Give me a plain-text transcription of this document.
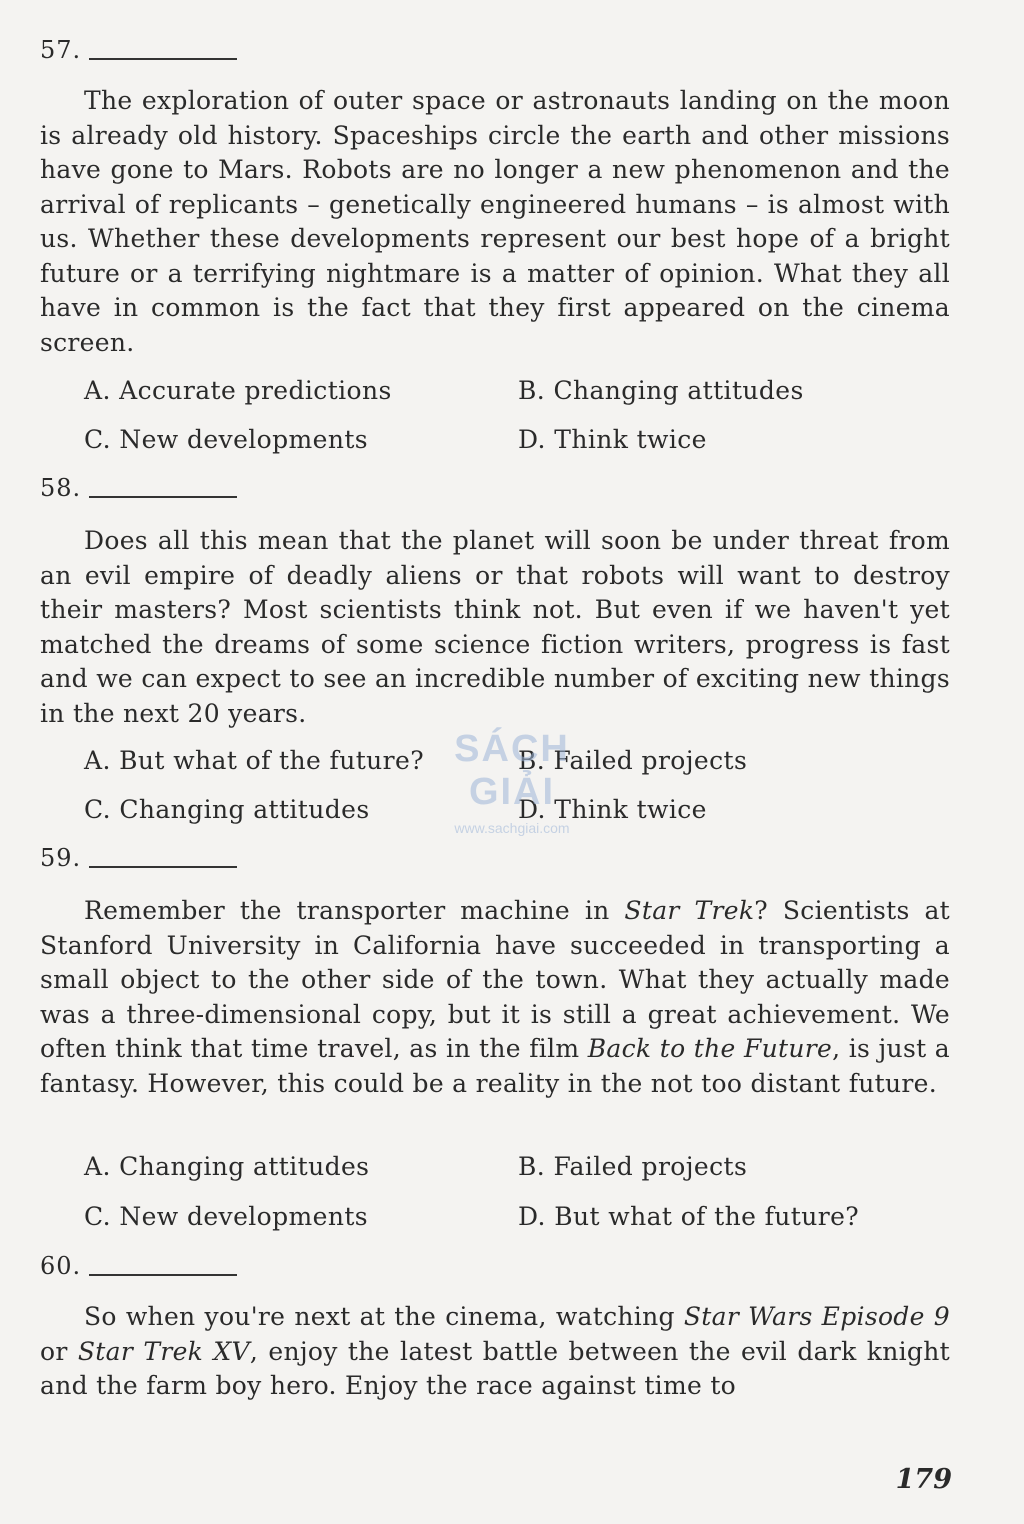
57.

The exploration of outer space or astronauts landing on the moon is already old history. Spaceships circle the earth and other missions have gone to Mars. Robots are no longer a new phenomenon and the arrival of replicants – genetically engineered humans – is almost with us. Whether these developments represent our best hope of a bright future or a terrifying nightmare is a matter of opinion. What they all have in common is the fact that they first appeared on the cinema screen.

A. Accurate predictions	B. Changing attitudes
C. New developments	D. Think twice
58.

Does all this mean that the planet will soon be under threat from an evil empire of deadly aliens or that robots will want to destroy their masters? Most scientists think not. But even if we haven't yet matched the dreams of some science fiction writers, progress is fast and we can expect to see an incredible number of exciting new things in the next 20 years.

A. But what of the future?	B. Failed projects
C. Changing attitudes	D. Think twice
59.

Remember the transporter machine in Star Trek? Scientists at Stanford University in California have succeeded in transporting a small object to the other side of the town. What they actually made was a three-dimensional copy, but it is still a great achievement. We often think that time travel, as in the film Back to the Future, is just a fantasy. However, this could be a reality in the not too distant future.

A. Changing attitudes	B. Failed projects
C. New developments	D. But what of the future?
60.

So when you're next at the cinema, watching Star Wars Episode 9 or Star Trek XV, enjoy the latest battle between the evil dark knight and the farm boy hero. Enjoy the race against time to

SÁCH GIẢI
www.sachgiai.com
179
